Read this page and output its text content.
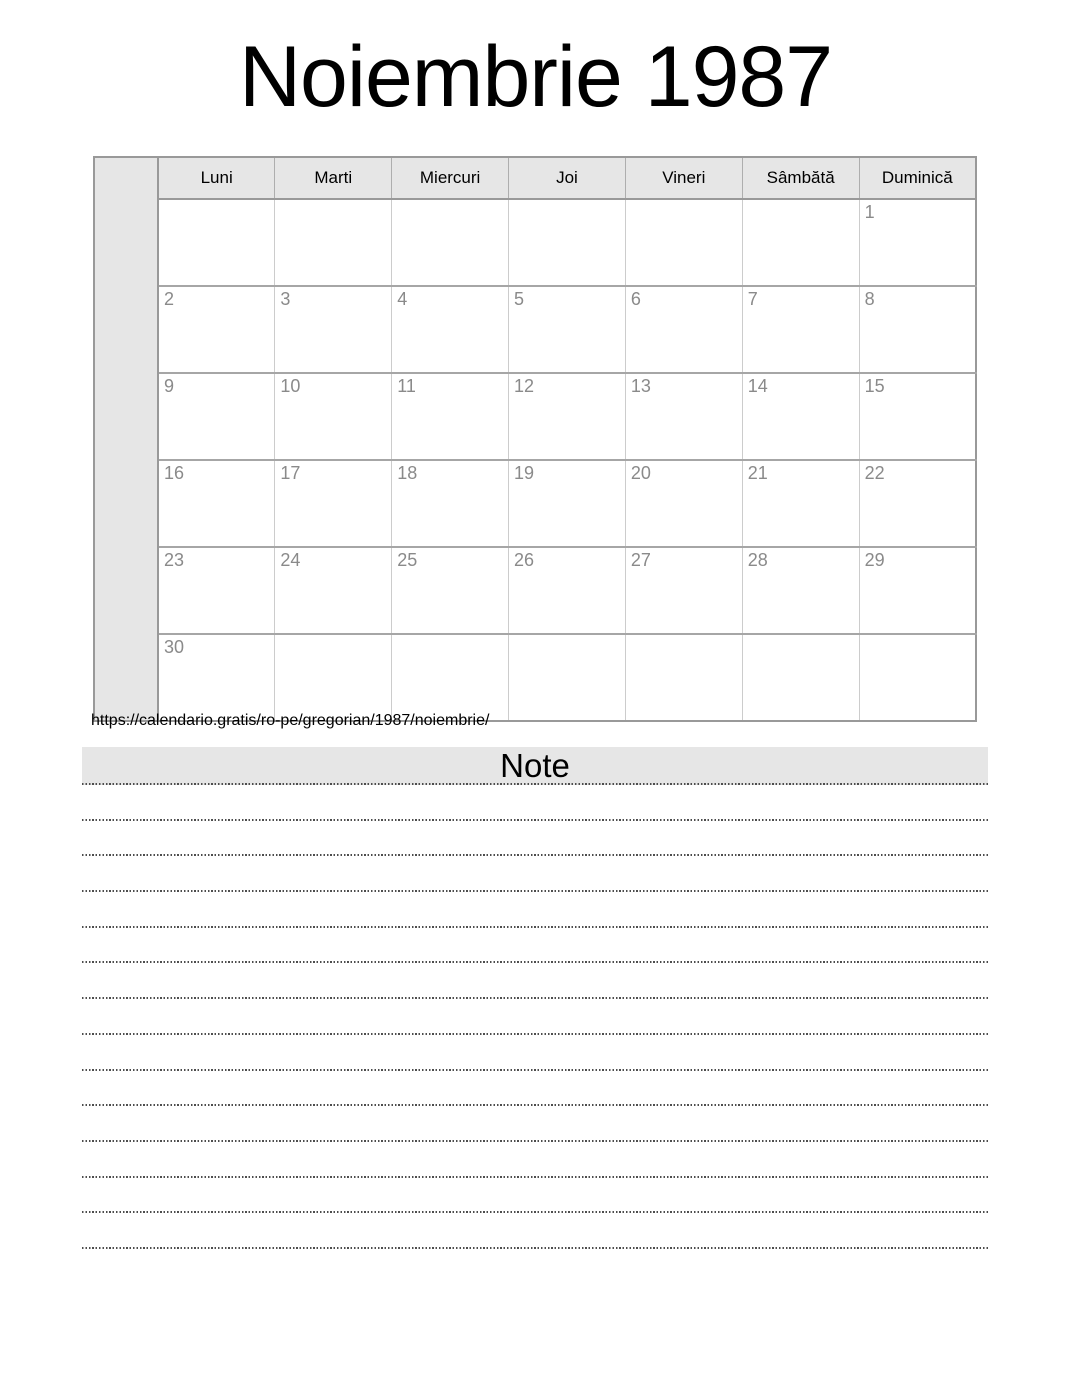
Noiembrie 1987
	Luni	Marti	Miercuri	Joi	Vineri	Sâmbătă	Duminică
							1
	2	3	4	5	6	7	8
	9	10	11	12	13	14	15
	16	17	18	19	20	21	22
	23	24	25	26	27	28	29
	30						
https://calendario.gratis/ro-pe/gregorian/1987/noiembrie/
Note
